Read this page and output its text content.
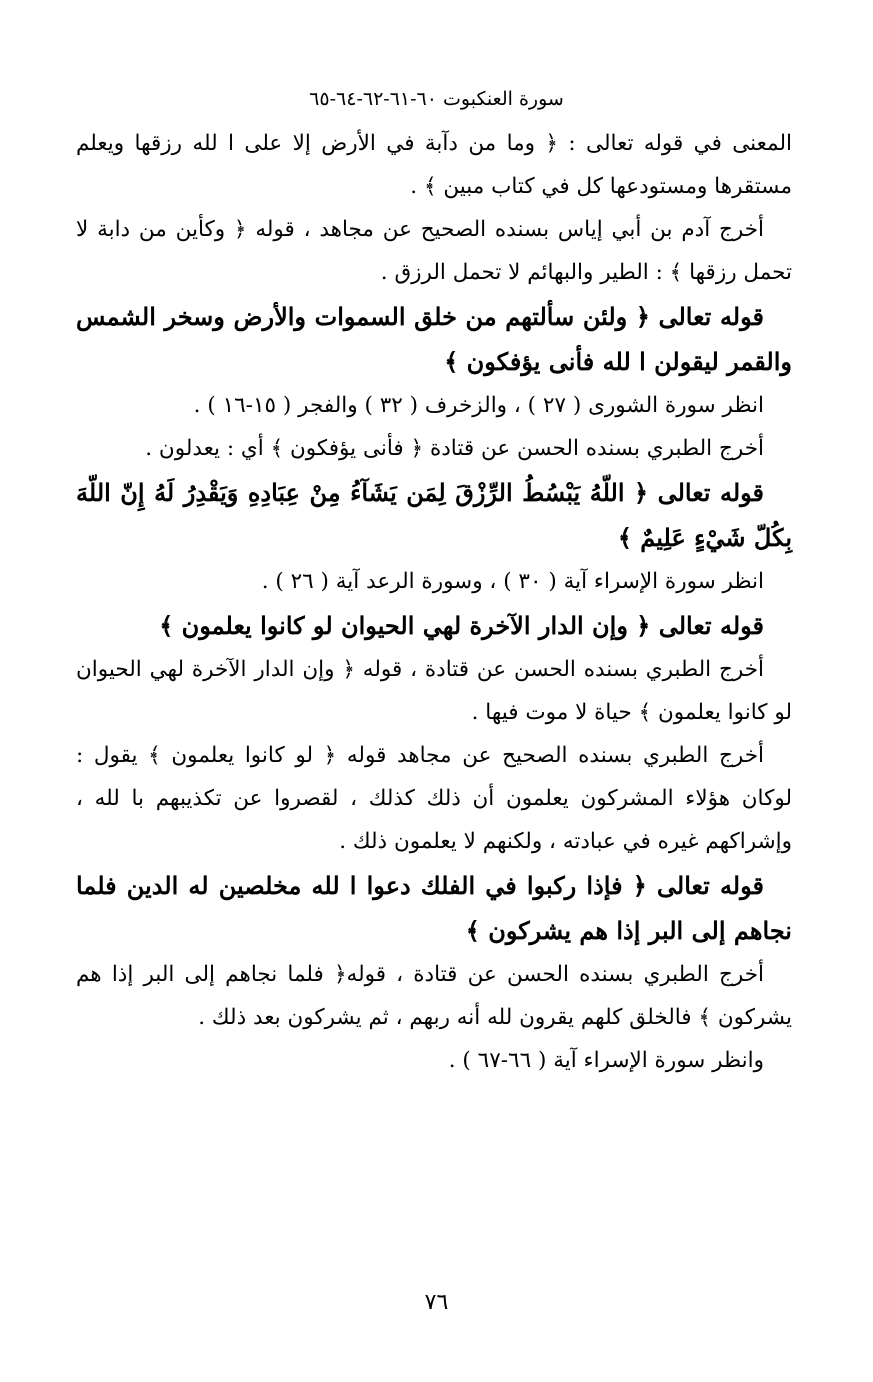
سورة العنكبوت ٦٠-٦١-٦٢-٦٤-٦٥

المعنى في قوله تعالى : ﴿ وما من دآبة في الأرض إلا على ا لله رزقها ويعلم مستقرها ومستودعها كل في كتاب مبين ﴾ .

أخرج آدم بن أبي إياس بسنده الصحيح عن مجاهد ، قوله ﴿ وكأين من دابة لا تحمل رزقها ﴾ : الطير والبهائم لا تحمل الرزق .

قوله تعالى ﴿ ولئن سألتهم من خلق السموات والأرض وسخر الشمس والقمر ليقولن ا لله فأنى يؤفكون ﴾

انظر سورة الشورى ( ٢٧ ) ، والزخرف ( ٣٢ ) والفجر ( ١٥-١٦ ) .

أخرج الطبري بسنده الحسن عن قتادة ﴿ فأنى يؤفكون ﴾ أي : يعدلون .

قوله تعالى ﴿ اللّهُ يَبْسُطُ الرِّزْقَ لِمَن يَشَآءُ مِنْ عِبَادِهِ وَيَقْدِرُ لَهُ إِنّ اللّهَ بِكُلّ شَيْءٍ عَلِيمٌ ﴾

انظر سورة الإسراء آية ( ٣٠ ) ، وسورة الرعد آية ( ٢٦ ) .

قوله تعالى ﴿ وإن الدار الآخرة لهي الحيوان لو كانوا يعلمون ﴾

أخرج الطبري بسنده الحسن عن قتادة ، قوله ﴿ وإن الدار الآخرة لهي الحيوان لو كانوا يعلمون ﴾ حياة لا موت فيها .

أخرج الطبري بسنده الصحيح عن مجاهد قوله ﴿ لو كانوا يعلمون ﴾ يقول : لوكان هؤلاء المشركون يعلمون أن ذلك كذلك ، لقصروا عن تكذيبهم با لله ، وإشراكهم غيره في عبادته ، ولكنهم لا يعلمون ذلك .

قوله تعالى ﴿ فإذا ركبوا في الفلك دعوا ا لله مخلصين له الدين فلما نجاهم إلى البر إذا هم يشركون ﴾

أخرج الطبري بسنده الحسن عن قتادة ، قوله﴿ فلما نجاهم إلى البر إذا هم يشركون ﴾ فالخلق كلهم يقرون لله أنه ربهم ، ثم يشركون بعد ذلك .

وانظر سورة الإسراء آية ( ٦٦-٦٧ ) .

٧٦
